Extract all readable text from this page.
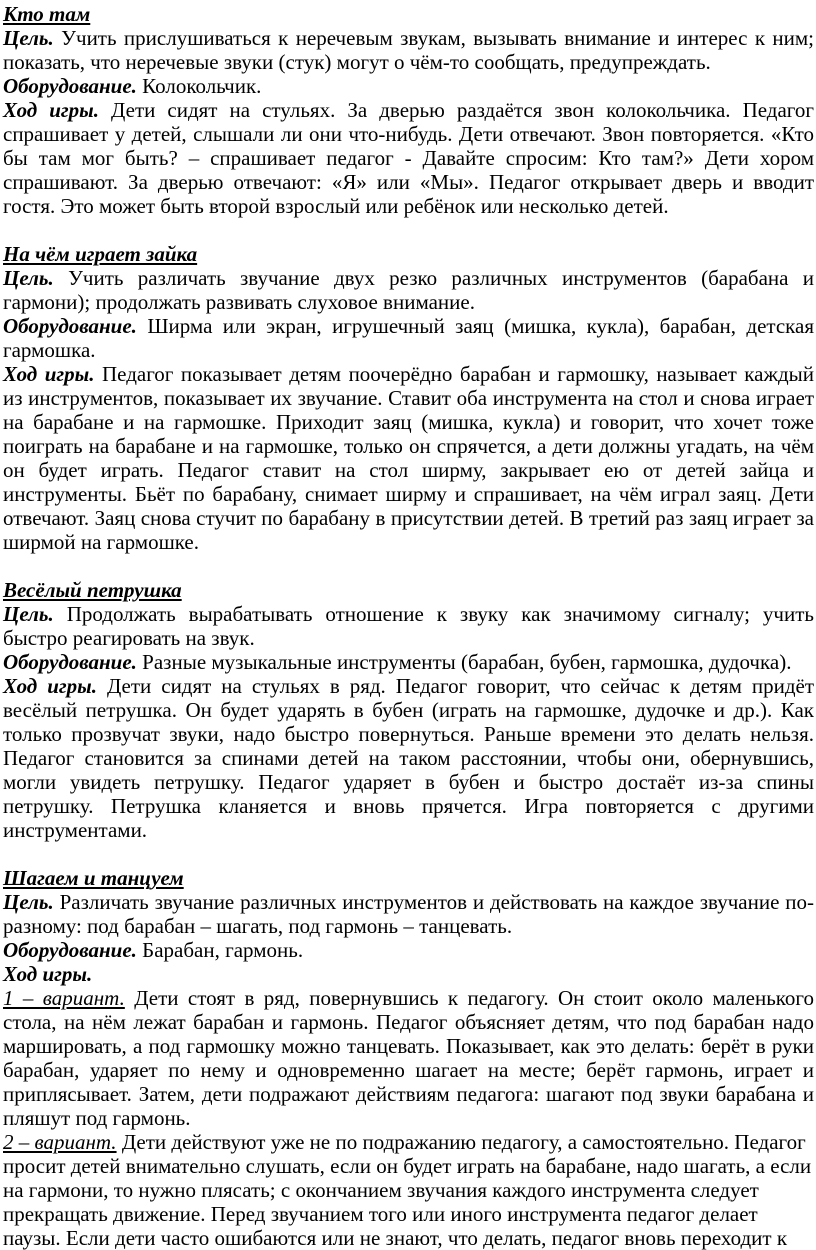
Кто там

Цель. Учить прислушиваться к неречевым звукам, вызывать внимание и интерес к ним; показать, что неречевые звуки (стук) могут о чём-то сообщать, предупреждать.

Оборудование. Колокольчик.

Ход игры. Дети сидят на стульях. За дверью раздаётся звон колокольчика. Педагог спрашивает у детей, слышали ли они что-нибудь. Дети отвечают. Звон повторяется. «Кто бы там мог быть? – спрашивает педагог - Давайте спросим: Кто там?» Дети хором спрашивают. За дверью отвечают: «Я» или «Мы». Педагог открывает дверь и вводит гостя. Это может быть второй взрослый или ребёнок или несколько детей.

На чём играет зайка

Цель. Учить различать звучание двух резко различных инструментов (барабана и гармони); продолжать развивать слуховое внимание.

Оборудование. Ширма или экран, игрушечный заяц (мишка, кукла), барабан, детская гармошка.

Ход игры. Педагог показывает детям поочерёдно барабан и гармошку, называет каждый из инструментов, показывает их звучание. Ставит оба инструмента на стол и снова играет на барабане и на гармошке. Приходит заяц (мишка, кукла) и говорит, что хочет тоже поиграть на барабане и на гармошке, только он спрячется, а дети должны угадать, на чём он будет играть. Педагог ставит на стол ширму, закрывает ею от детей зайца и инструменты. Бьёт по барабану, снимает ширму и спрашивает, на чём играл заяц. Дети отвечают. Заяц снова стучит по барабану в присутствии детей. В третий раз заяц играет за ширмой на гармошке.

Весёлый петрушка

Цель. Продолжать вырабатывать отношение к звуку как значимому сигналу; учить быстро реагировать на звук.

Оборудование. Разные музыкальные инструменты (барабан, бубен, гармошка, дудочка).

Ход игры. Дети сидят на стульях в ряд. Педагог говорит, что сейчас к детям придёт весёлый петрушка. Он будет ударять в бубен (играть на гармошке, дудочке и др.). Как только прозвучат звуки, надо быстро повернуться. Раньше времени это делать нельзя. Педагог становится за спинами детей на таком расстоянии, чтобы они, обернувшись, могли увидеть петрушку. Педагог ударяет в бубен и быстро достаёт из-за спины петрушку. Петрушка кланяется и вновь прячется. Игра повторяется с другими инструментами.

Шагаем и танцуем

Цель. Различать звучание различных инструментов и действовать на каждое звучание по-разному: под барабан – шагать, под гармонь – танцевать.

Оборудование. Барабан, гармонь.

Ход игры.

1 – вариант. Дети стоят в ряд, повернувшись к педагогу. Он стоит около маленького стола, на нём лежат барабан и гармонь. Педагог объясняет детям, что под барабан надо маршировать, а под гармошку можно танцевать. Показывает, как это делать: берёт в руки барабан, ударяет по нему и одновременно шагает на месте; берёт гармонь, играет и приплясывает. Затем, дети подражают действиям педагога: шагают под звуки барабана и пляшут под гармонь.

2 – вариант. Дети действуют уже не по подражанию педагогу, а самостоятельно. Педагог просит детей внимательно слушать, если он будет играть на барабане, надо шагать, а если на гармони, то нужно плясать; с окончанием звучания каждого инструмента следует прекращать движение. Перед звучанием того или иного инструмента педагог делает паузы. Если дети часто ошибаются или не знают, что делать, педагог вновь переходит к
